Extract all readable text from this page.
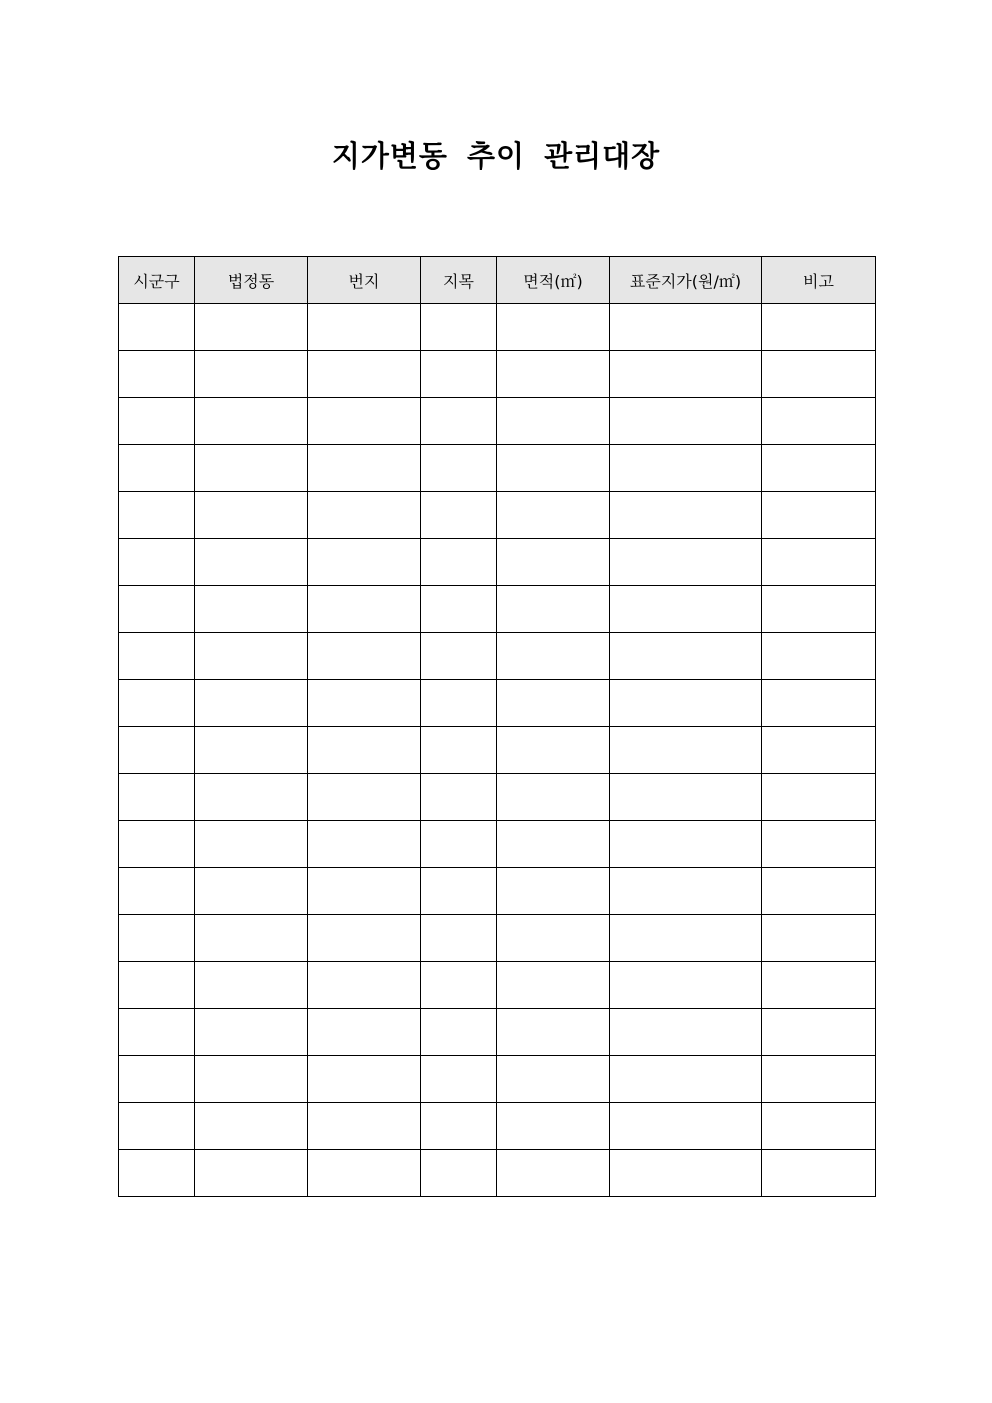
지가변동 추이 관리대장
시군구	법정동	번지	지목	면적(㎡)	표준지가(원/㎡)	비고
